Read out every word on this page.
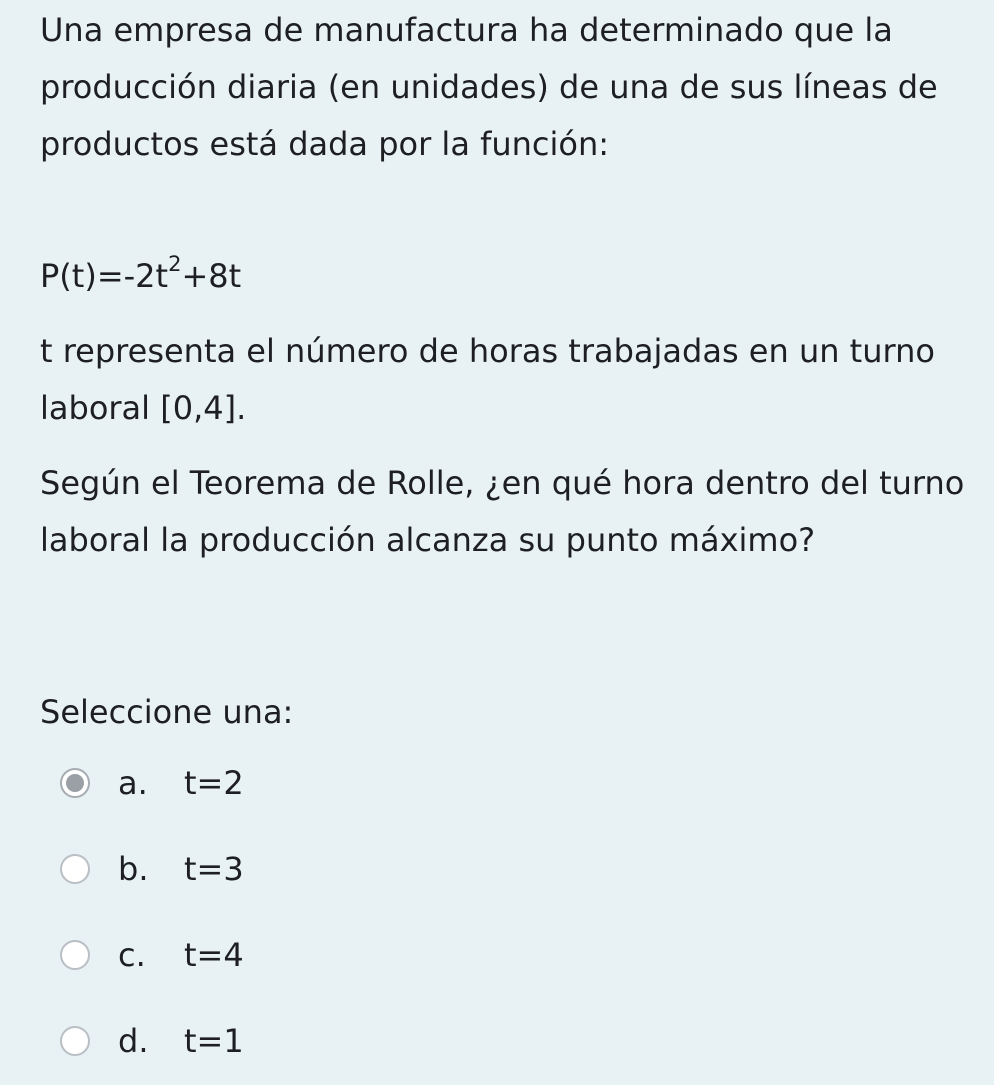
Una empresa de manufactura ha determinado que la producción diaria (en unidades) de una de sus líneas de productos está dada por la función:

$P(t)=-2t^2+8t$

t representa el número de horas trabajadas en un turno laboral [0,4].

Según el Teorema de Rolle, ¿en qué hora dentro del turno laboral la producción alcanza su punto máximo?

Seleccione una:
a. t=2
b. t=3
c. t=4
d. t=1
